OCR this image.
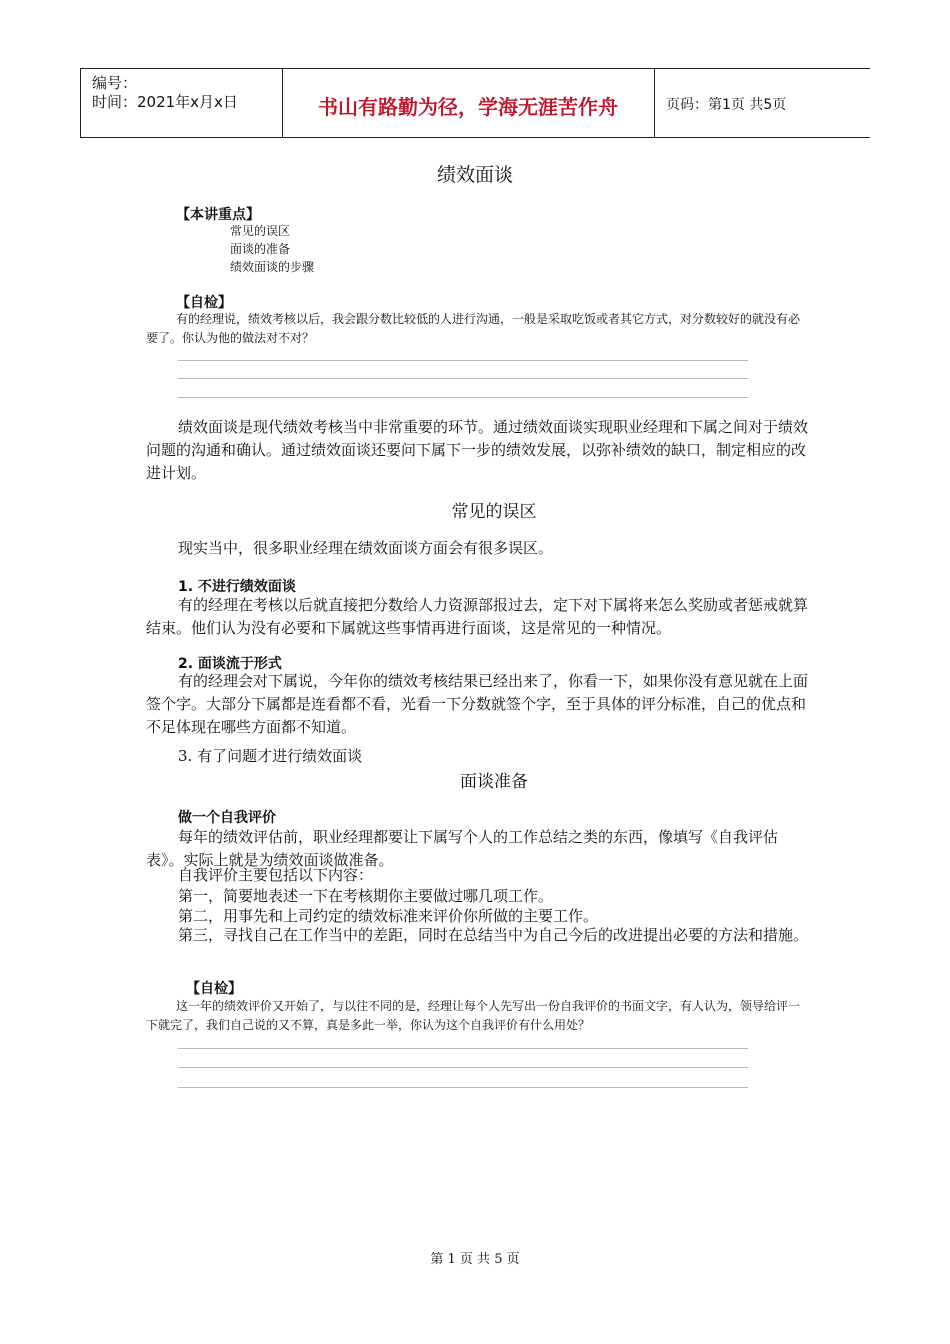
编号：
时间：2021年x月x日	书山有路勤为径，学海无涯苦作舟	页码：第1页 共5页
绩效面谈
【本讲重点】
常见的误区
面谈的准备
绩效面谈的步骤
【自检】

有的经理说，绩效考核以后，我会跟分数比较低的人进行沟通，一般是采取吃饭或者其它方式，对分数较好的就没有必要了。你认为他的做法对不对？

绩效面谈是现代绩效考核当中非常重要的环节。通过绩效面谈实现职业经理和下属之间对于绩效问题的沟通和确认。通过绩效面谈还要问下属下一步的绩效发展，以弥补绩效的缺口，制定相应的改进计划。

常见的误区

现实当中，很多职业经理在绩效面谈方面会有很多误区。

1. 不进行绩效面谈

有的经理在考核以后就直接把分数给人力资源部报过去，定下对下属将来怎么奖励或者惩戒就算结束。他们认为没有必要和下属就这些事情再进行面谈，这是常见的一种情况。

2. 面谈流于形式

有的经理会对下属说，今年你的绩效考核结果已经出来了，你看一下，如果你没有意见就在上面签个字。大部分下属都是连看都不看，光看一下分数就签个字，至于具体的评分标准，自己的优点和不足体现在哪些方面都不知道。

3. 有了问题才进行绩效面谈
面谈准备
做一个自我评价

每年的绩效评估前，职业经理都要让下属写个人的工作总结之类的东西，像填写《自我评估表》。实际上就是为绩效面谈做准备。

自我评价主要包括以下内容：
第一，简要地表述一下在考核期你主要做过哪几项工作。
第二，用事先和上司约定的绩效标准来评价你所做的主要工作。

第三，寻找自己在工作当中的差距，同时在总结当中为自己今后的改进提出必要的方法和措施。

【自检】

这一年的绩效评价又开始了，与以往不同的是，经理让每个人先写出一份自我评价的书面文字，有人认为，领导给评一下就完了，我们自己说的又不算，真是多此一举，你认为这个自我评价有什么用处？

第 1 页 共 5 页
